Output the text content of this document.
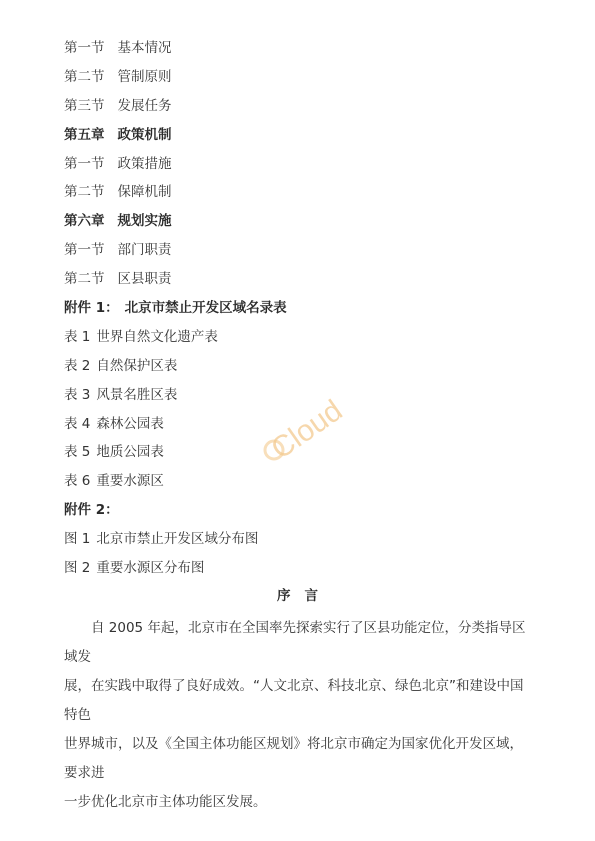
第一节 基本情况
第二节 管制原则
第三节 发展任务
第五章 政策机制
第一节 政策措施
第二节 保障机制
第六章 规划实施
第一节 部门职责
第二节 区县职责
附件 1： 北京市禁止开发区域名录表
表 1 世界自然文化遗产表
表 2 自然保护区表
表 3 风景名胜区表
表 4 森林公园表
表 5 地质公园表
表 6 重要水源区
附件 2：
图 1 北京市禁止开发区域分布图
图 2 重要水源区分布图
序言

　　自 2005 年起，北京市在全国率先探索实行了区县功能定位，分类指导区域发

展，在实践中取得了良好成效。“人文北京、科技北京、绿色北京”和建设中国特色

世界城市，以及《全国主体功能区规划》将北京市确定为国家优化开发区域，要求进

一步优化北京市主体功能区发展。

Cloud
